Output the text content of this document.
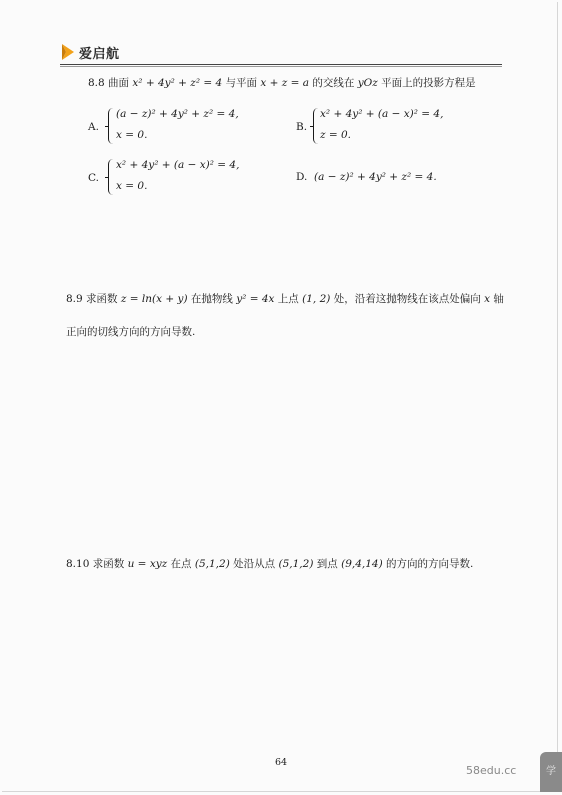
爱启航
8.8 曲面 x² + 4y² + z² = 4 与平面 x + z = a 的交线在 yOz 平面上的投影方程是
A.
(a − z)² + 4y² + z² = 4,
x = 0.
B.
x² + 4y² + (a − x)² = 4,
z = 0.
C.
x² + 4y² + (a − x)² = 4,
x = 0.
D. (a − z)² + 4y² + z² = 4.
8.9 求函数 z = ln(x + y) 在抛物线 y² = 4x 上点 (1, 2) 处，沿着这抛物线在该点处偏向 x 轴
正向的切线方向的方向导数.
8.10 求函数 u = xyz 在点 (5,1,2) 处沿从点 (5,1,2) 到点 (9,4,14) 的方向的方向导数.
64
58edu.cc	学
